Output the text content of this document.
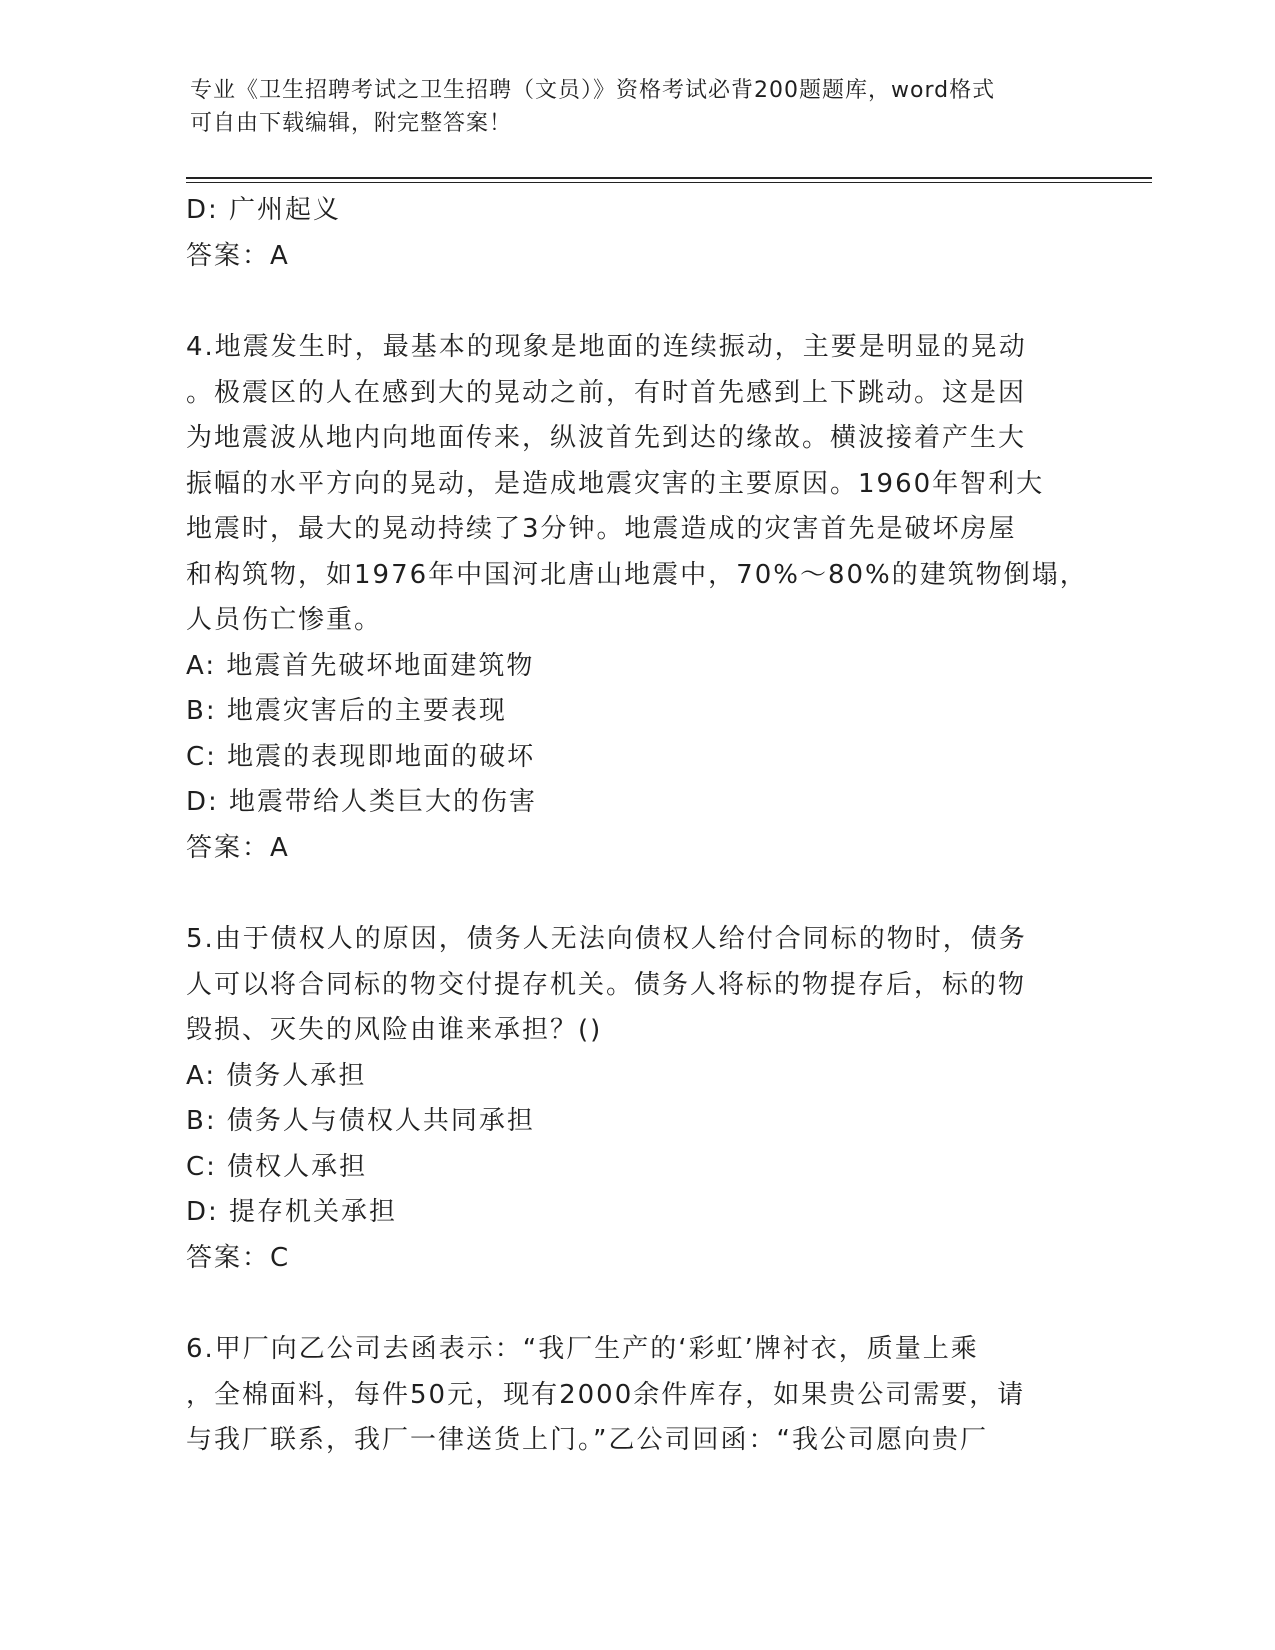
专业《卫生招聘考试之卫生招聘（文员）》资格考试必背200题题库，word格式
可自由下载编辑，附完整答案！
D: 广州起义
答案：A
4.地震发生时，最基本的现象是地面的连续振动，主要是明显的晃动
。极震区的人在感到大的晃动之前，有时首先感到上下跳动。这是因
为地震波从地内向地面传来，纵波首先到达的缘故。横波接着产生大
振幅的水平方向的晃动，是造成地震灾害的主要原因。1960年智利大
地震时，最大的晃动持续了3分钟。地震造成的灾害首先是破坏房屋
和构筑物，如1976年中国河北唐山地震中，70%～80%的建筑物倒塌，
人员伤亡惨重。
A: 地震首先破坏地面建筑物
B: 地震灾害后的主要表现
C: 地震的表现即地面的破坏
D: 地震带给人类巨大的伤害
答案：A
5.由于债权人的原因，债务人无法向债权人给付合同标的物时，债务
人可以将合同标的物交付提存机关。债务人将标的物提存后，标的物
毁损、灭失的风险由谁来承担？()
A: 债务人承担
B: 债务人与债权人共同承担
C: 债权人承担
D: 提存机关承担
答案：C
6.甲厂向乙公司去函表示：“我厂生产的‘彩虹’牌衬衣，质量上乘
，全棉面料，每件50元，现有2000余件库存，如果贵公司需要，请
与我厂联系，我厂一律送货上门。”乙公司回函：“我公司愿向贵厂
